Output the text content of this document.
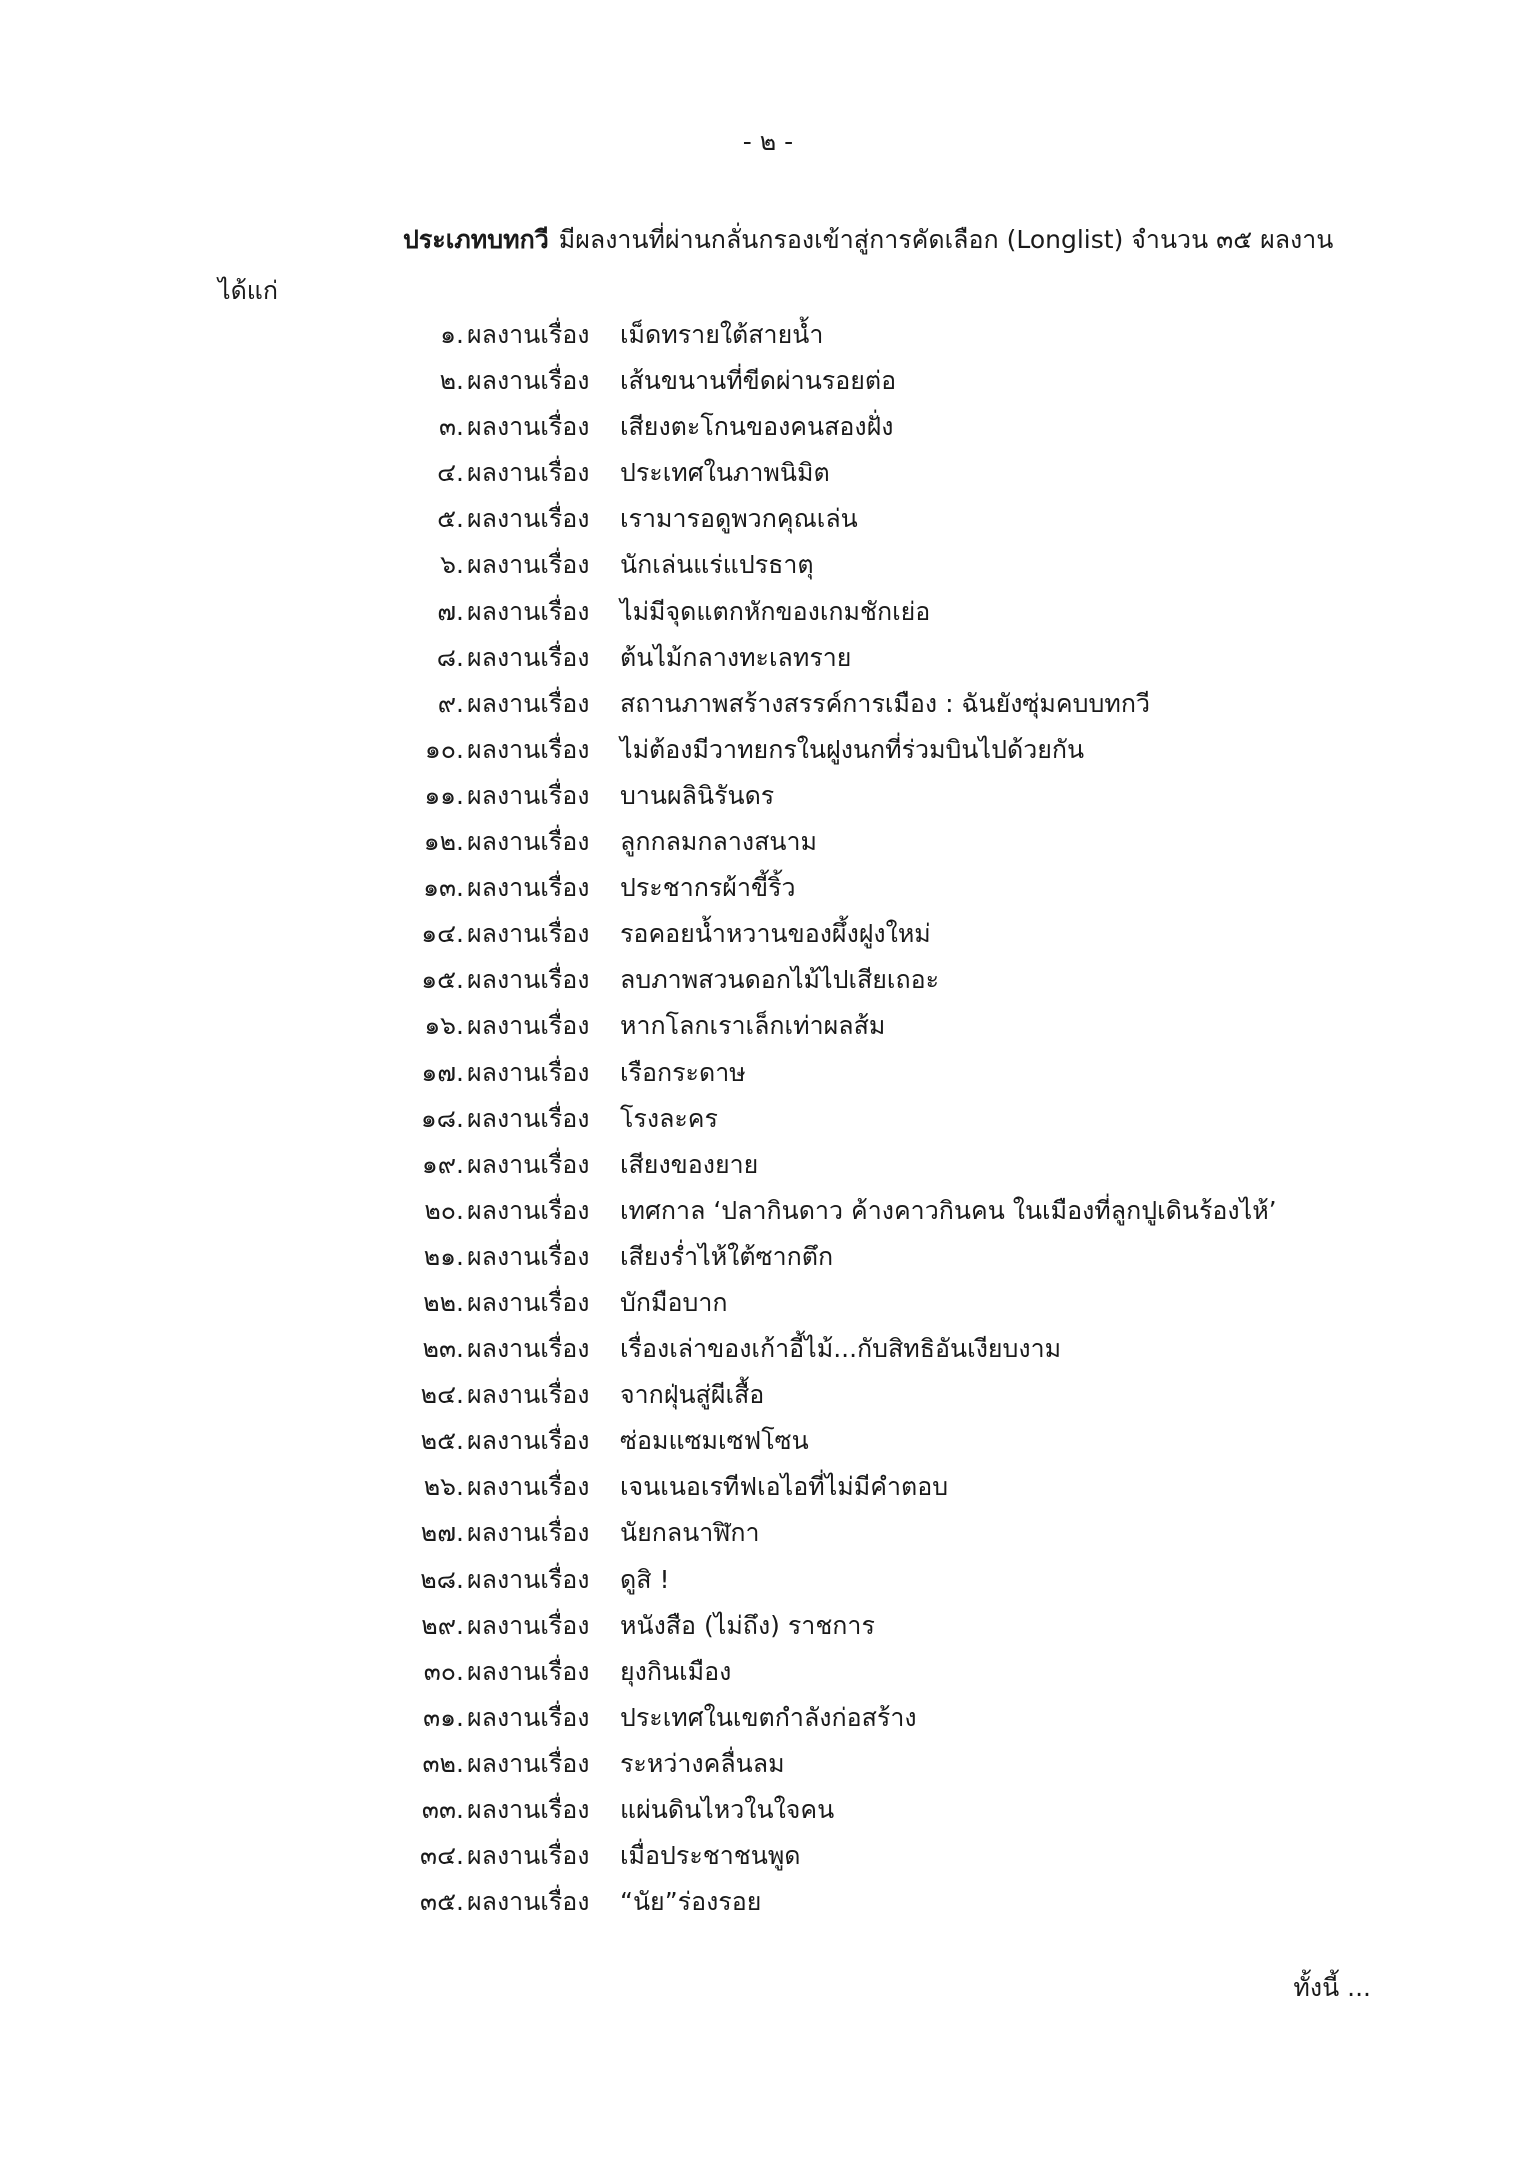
- ๒ -
ประเภทบทกวี มีผลงานที่ผ่านกลั่นกรองเข้าสู่การคัดเลือก (Longlist) จำนวน ๓๕ ผลงาน
ได้แก่
๑. ผลงานเรื่อง เม็ดทรายใต้สายน้ำ
๒. ผลงานเรื่อง เส้นขนานที่ขีดผ่านรอยต่อ
๓. ผลงานเรื่อง เสียงตะโกนของคนสองฝั่ง
๔. ผลงานเรื่อง ประเทศในภาพนิมิต
๕. ผลงานเรื่อง เรามารอดูพวกคุณเล่น
๖. ผลงานเรื่อง นักเล่นแร่แปรธาตุ
๗. ผลงานเรื่อง ไม่มีจุดแตกหักของเกมชักเย่อ
๘. ผลงานเรื่อง ต้นไม้กลางทะเลทราย
๙. ผลงานเรื่อง สถานภาพสร้างสรรค์การเมือง : ฉันยังซุ่มคบบทกวี
๑๐. ผลงานเรื่อง ไม่ต้องมีวาทยกรในฝูงนกที่ร่วมบินไปด้วยกัน
๑๑. ผลงานเรื่อง บานผลินิรันดร
๑๒. ผลงานเรื่อง ลูกกลมกลางสนาม
๑๓. ผลงานเรื่อง ประชากรผ้าขี้ริ้ว
๑๔. ผลงานเรื่อง รอคอยน้ำหวานของผึ้งฝูงใหม่
๑๕. ผลงานเรื่อง ลบภาพสวนดอกไม้ไปเสียเถอะ
๑๖. ผลงานเรื่อง หากโลกเราเล็กเท่าผลส้ม
๑๗. ผลงานเรื่อง เรือกระดาษ
๑๘. ผลงานเรื่อง โรงละคร
๑๙. ผลงานเรื่อง เสียงของยาย
๒๐. ผลงานเรื่อง เทศกาล ‘ปลากินดาว ค้างคาวกินคน ในเมืองที่ลูกปูเดินร้องไห้’
๒๑. ผลงานเรื่อง เสียงร่ำไห้ใต้ซากตึก
๒๒. ผลงานเรื่อง บักมือบาก
๒๓. ผลงานเรื่อง เรื่องเล่าของเก้าอี้ไม้...กับสิทธิอันเงียบงาม
๒๔. ผลงานเรื่อง จากฝุ่นสู่ผีเสื้อ
๒๕. ผลงานเรื่อง ซ่อมแซมเซฟโซน
๒๖. ผลงานเรื่อง เจนเนอเรทีฟเอไอที่ไม่มีคำตอบ
๒๗. ผลงานเรื่อง นัยกลนาฬิกา
๒๘. ผลงานเรื่อง ดูสิ !
๒๙. ผลงานเรื่อง หนังสือ (ไม่ถึง) ราชการ
๓๐. ผลงานเรื่อง ยุงกินเมือง
๓๑. ผลงานเรื่อง ประเทศในเขตกำลังก่อสร้าง
๓๒. ผลงานเรื่อง ระหว่างคลื่นลม
๓๓. ผลงานเรื่อง แผ่นดินไหวในใจคน
๓๔. ผลงานเรื่อง เมื่อประชาชนพูด
๓๕. ผลงานเรื่อง “นัย”ร่องรอย
ทั้งนี้ ...
